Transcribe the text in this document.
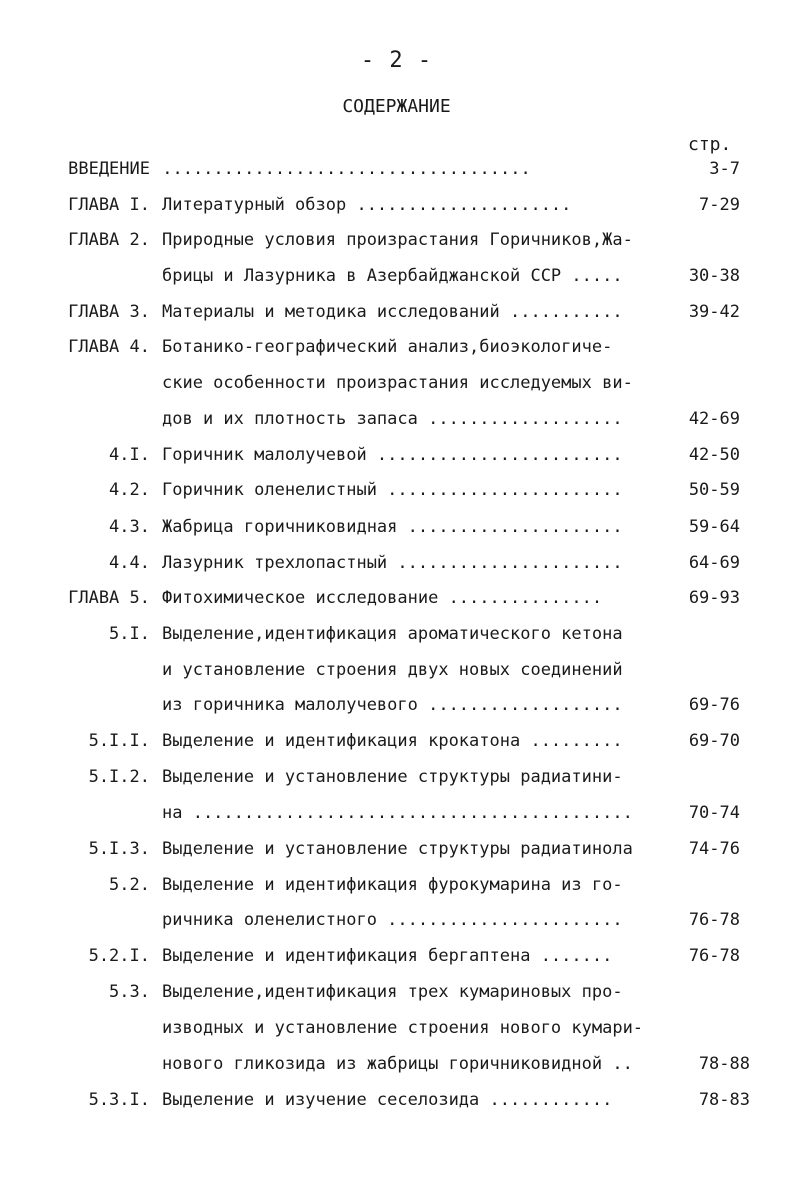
- 2 -
СОДЕРЖАНИЕ
стр.
ВВЕДЕНИЕ ....................................	3-7
ГЛАВА I. Литературный обзор .....................	7-29
ГЛАВА 2. Природные условия произрастания Горичников,Жа-
брицы и Лазурника в Азербайджанской ССР .....	30-38
ГЛАВА 3. Материалы и методика исследований ...........	39-42
ГЛАВА 4. Ботанико-географический анализ,биоэкологиче-
ские особенности произрастания исследуемых ви-
дов и их плотность запаса ...................	42-69
4.I. Горичник малолучевой ........................	42-50
4.2. Горичник оленелистный .......................	50-59
4.3. Жабрица горичниковидная .....................	59-64
4.4. Лазурник трехлопастный ......................	64-69
ГЛАВА 5. Фитохимическое исследование ...............	69-93
5.I. Выделение,идентификация ароматического кетона
и установление строения двух новых соединений
из горичника малолучевого ...................	69-76
5.I.I. Выделение и идентификация крокатона .........	69-70
5.I.2. Выделение и установление структуры радиатини-
на ...........................................	70-74
5.I.3. Выделение и установление структуры радиатинола	74-76
5.2. Выделение и идентификация фурокумарина из го-
ричника оленелистного .......................	76-78
5.2.I. Выделение и идентификация бергаптена .......	76-78
5.3. Выделение,идентификация трех кумариновых про-
изводных и установление строения нового кумари-
нового гликозида из жабрицы горичниковидной ..	78-88
5.3.I. Выделение и изучение сеселозида ............	78-83
